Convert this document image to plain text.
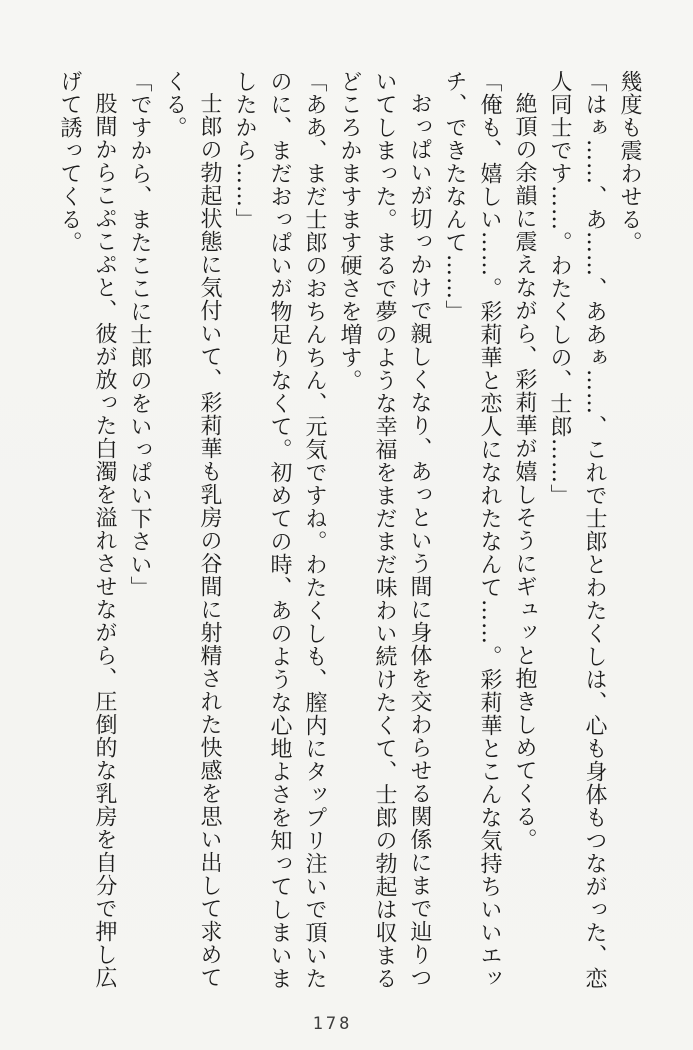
幾度も震わせる。

「はぁ……、あ……、ああぁ……、これで士郎とわたくしは、心も身体もつながった、恋

人同士です……。わたくしの、士郎……」

絶頂の余韻に震えながら、彩莉華が嬉しそうにギュッと抱きしめてくる。

「俺も、嬉しい……。彩莉華と恋人になれたなんて……。彩莉華とこんな気持ちいいエッ

チ、できたなんて……」

おっぱいが切っかけで親しくなり、あっという間に身体を交わらせる関係にまで辿りつ

いてしまった。まるで夢のような幸福をまだまだ味わい続けたくて、士郎の勃起は収まる

どころかますます硬さを増す。

「ああ、まだ士郎のおちんちん、元気ですね。わたくしも、膣内にタップリ注いで頂いた

のに、まだおっぱいが物足りなくて。初めての時、あのような心地よさを知ってしまいま

したから……」

士郎の勃起状態に気付いて、彩莉華も乳房の谷間に射精された快感を思い出して求めて

くる。

「ですから、またここに士郎のをいっぱい下さい」

股間からこぷこぷと、彼が放った白濁を溢れさせながら、圧倒的な乳房を自分で押し広

げて誘ってくる。

178
